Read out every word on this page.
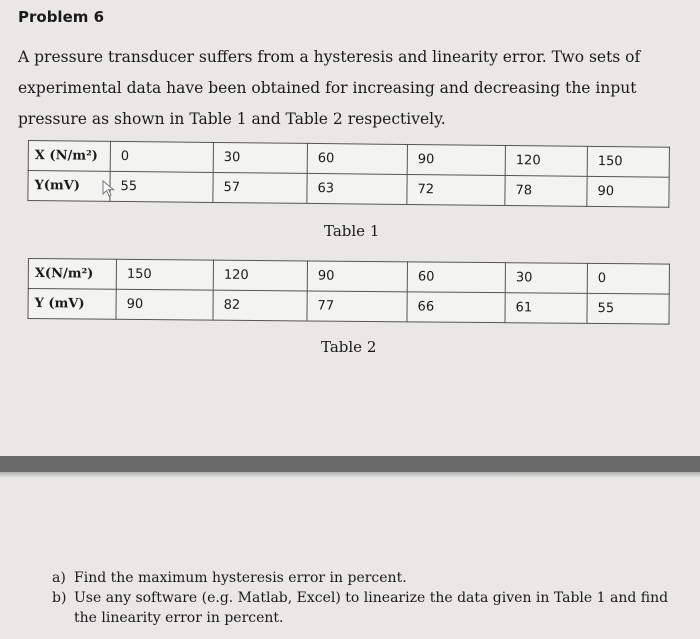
Problem 6
A pressure transducer suffers from a hysteresis and linearity error. Two sets of experimental data have been obtained for increasing and decreasing the input pressure as shown in Table 1 and Table 2 respectively.
X (N/m²)	0	30	60	90	120	150
Y(mV)	55	57	63	72	78	90
Table 1
X(N/m²)	150	120	90	60	30	0
Y (mV)	90	82	77	66	61	55
Table 2
a) Find the maximum hysteresis error in percent.
b) Use any software (e.g. Matlab, Excel) to linearize the data given in Table 1 and find the linearity error in percent.
